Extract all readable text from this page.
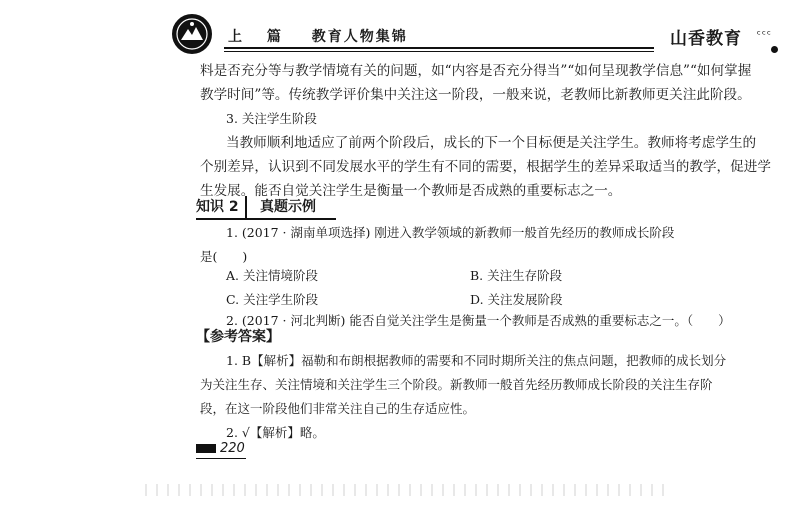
上 篇 教育人物集锦	山香教育 ᶜᶜᶜ
料是否充分等与教学情境有关的问题，如“内容是否充分得当”“如何呈现教学信息”“如何掌握
教学时间”等。传统教学评价集中关注这一阶段，一般来说，老教师比新教师更关注此阶段。
3. 关注学生阶段
当教师顺利地适应了前两个阶段后，成长的下一个目标便是关注学生。教师将考虑学生的
个别差异，认识到不同发展水平的学生有不同的需要，根据学生的差异采取适当的教学，促进学
生发展。能否自觉关注学生是衡量一个教师是否成熟的重要标志之一。
知识 2	真题示例
1. (2017 · 湖南单项选择) 刚进入教学领域的新教师一般首先经历的教师成长阶段
是(　　)
A. 关注情境阶段	B. 关注生存阶段
C. 关注学生阶段	D. 关注发展阶段
2. (2017 · 河北判断) 能否自觉关注学生是衡量一个教师是否成熟的重要标志之一。（　　）
【参考答案】
1. B【解析】福勒和布朗根据教师的需要和不同时期所关注的焦点问题，把教师的成长划分
为关注生存、关注情境和关注学生三个阶段。新教师一般首先经历教师成长阶段的关注生存阶
段，在这一阶段他们非常关注自己的生存适应性。
2. √【解析】略。
220
